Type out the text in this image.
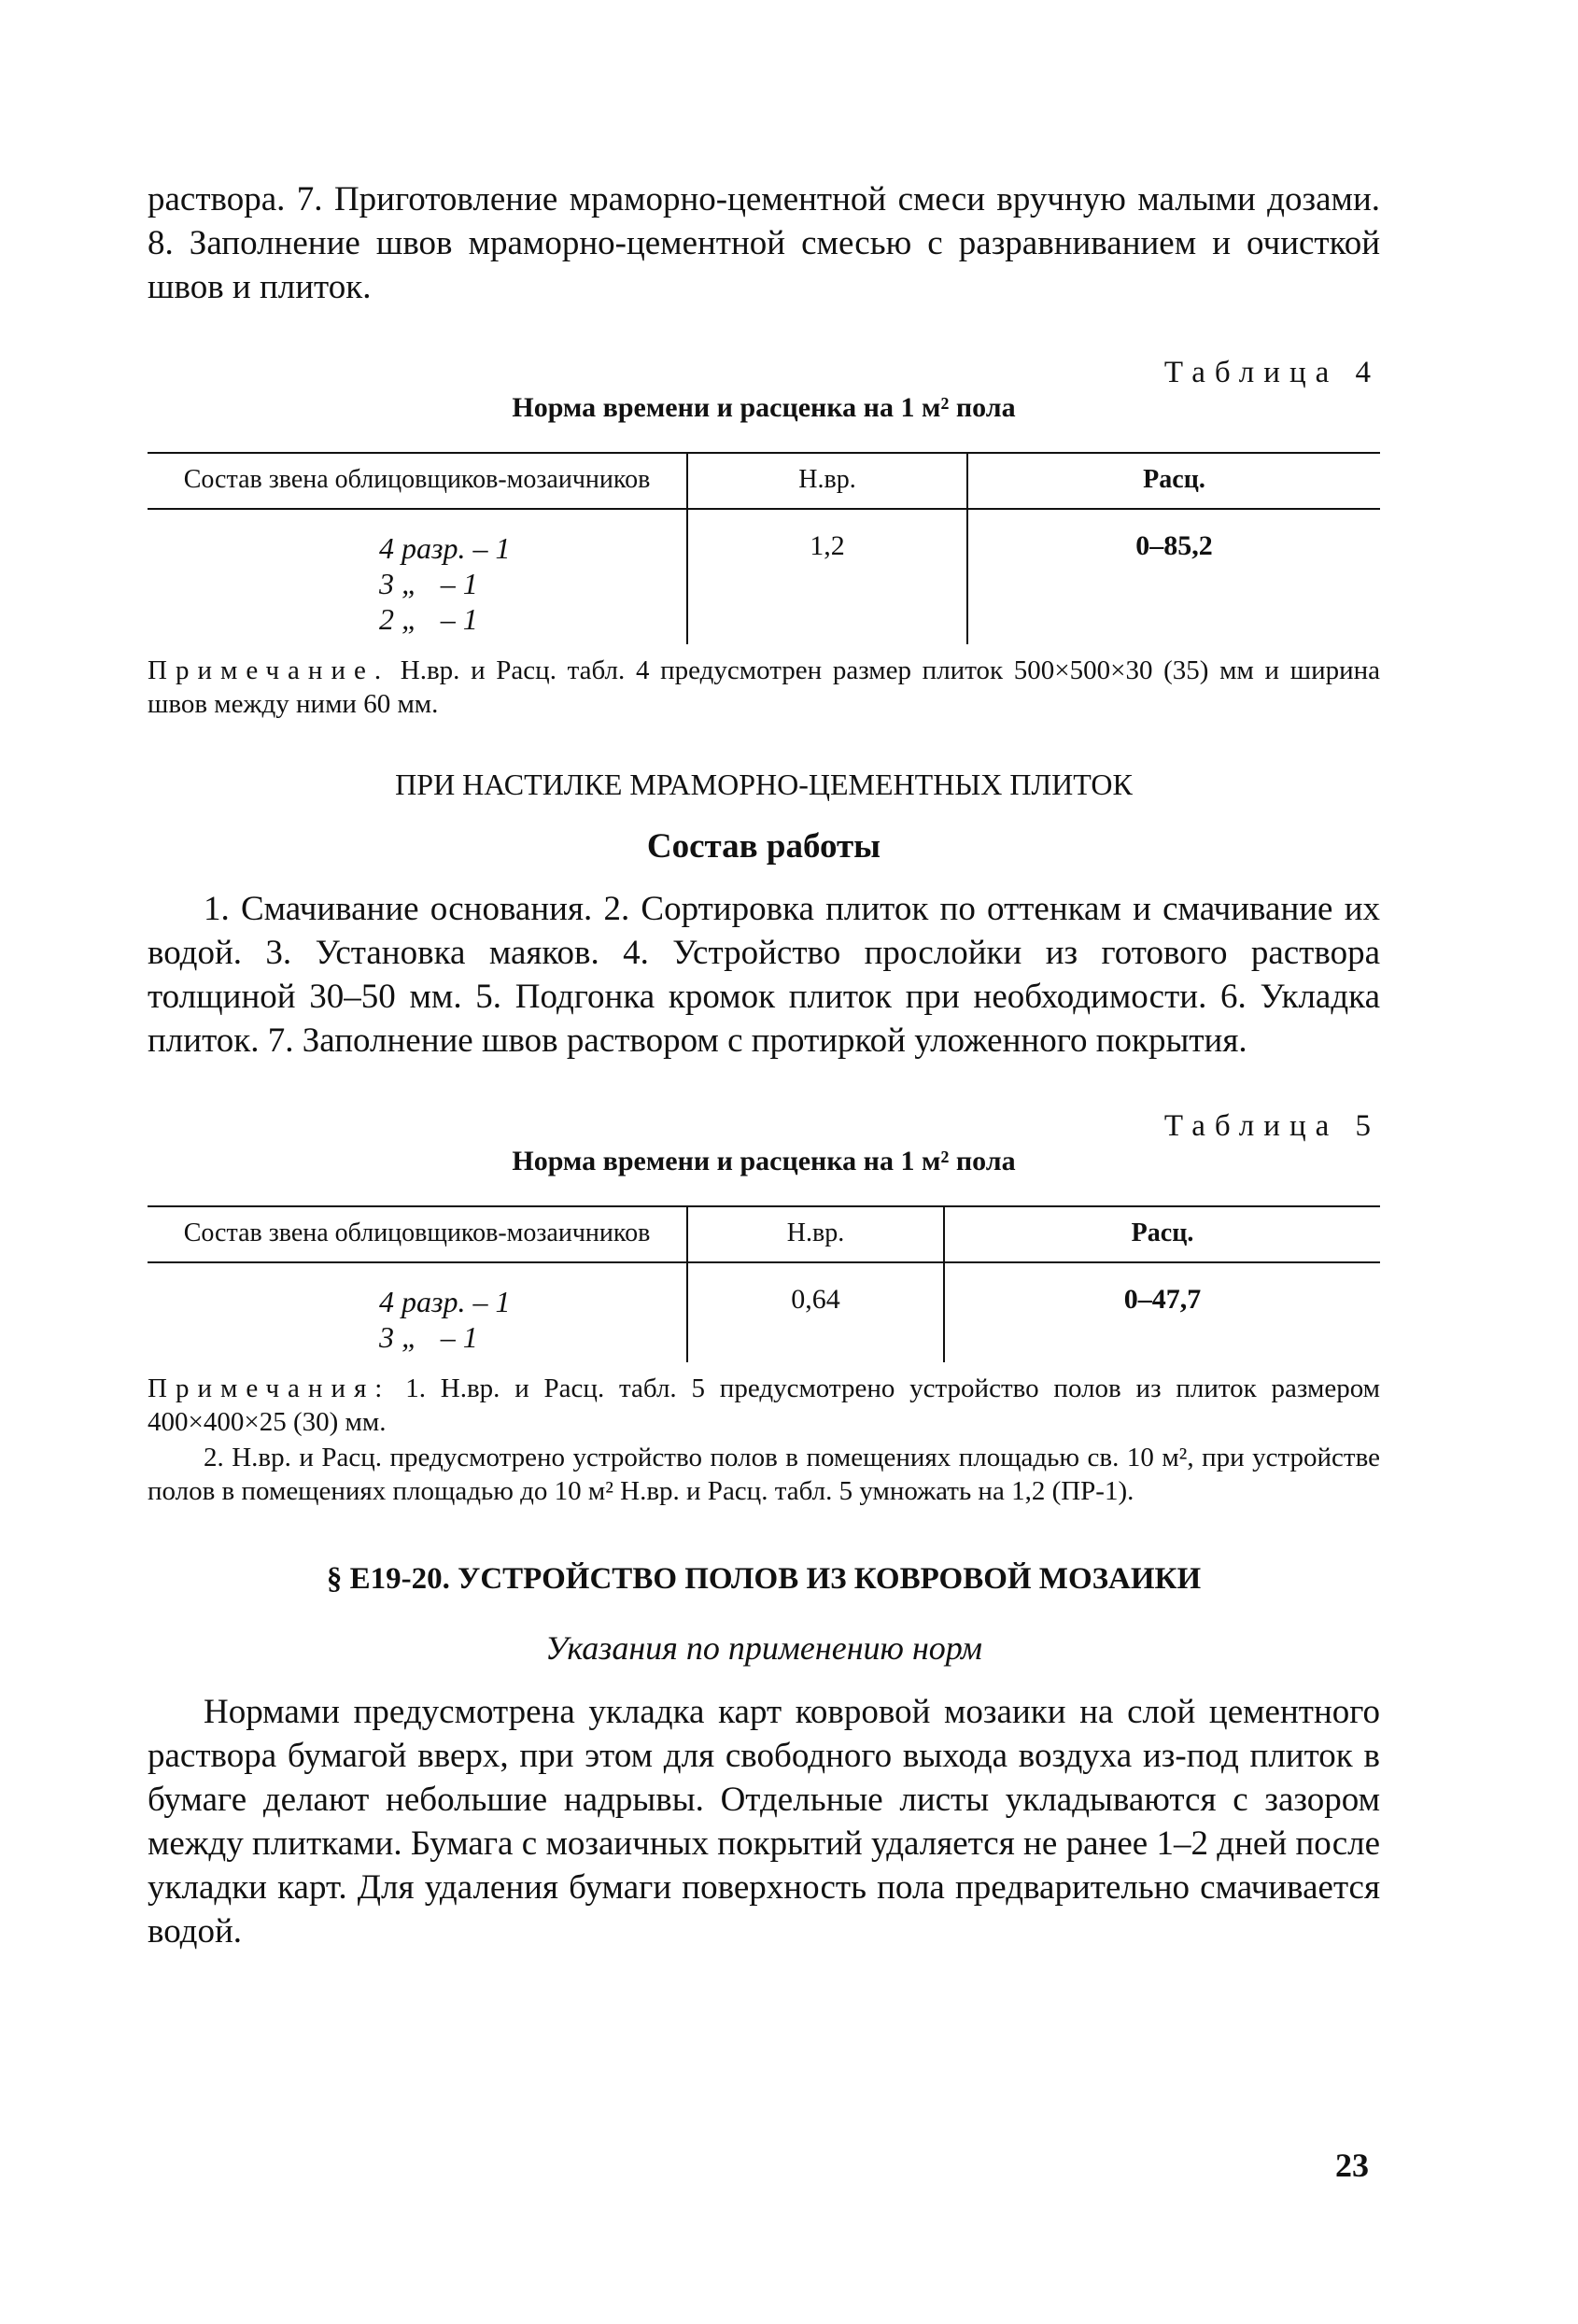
раствора. 7. Приготовление мраморно-цементной смеси вручную малыми дозами. 8. Заполнение швов мраморно-цементной смесью с разравниванием и очисткой швов и плиток.

Таблица 4
Норма времени и расценка на 1 м² пола
Состав звена облицовщиков-мозаичников	Н.вр.	Расц.

4 разр. – 1
3 „   – 1
2 „   – 1	1,2	0–85,2

Примечание. Н.вр. и Расц. табл. 4 предусмотрен размер плиток 500×500×30 (35) мм и ширина швов между ними 60 мм.

ПРИ НАСТИЛКЕ МРАМОРНО-ЦЕМЕНТНЫХ ПЛИТОК
Состав работы

1. Смачивание основания. 2. Сортировка плиток по оттенкам и смачивание их водой. 3. Установка маяков. 4. Устройство прослойки из готового раствора толщиной 30–50 мм. 5. Подгонка кромок плиток при необходимости. 6. Укладка плиток. 7. Заполнение швов раствором с протиркой уложенного покрытия.

Таблица 5
Норма времени и расценка на 1 м² пола
Состав звена облицовщиков-мозаичников	Н.вр.	Расц.

4 разр. – 1
3 „   – 1	0,64	0–47,7

Примечания: 1. Н.вр. и Расц. табл. 5 предусмотрено устройство полов из плиток размером 400×400×25 (30) мм.

2. Н.вр. и Расц. предусмотрено устройство полов в помещениях площадью св. 10 м², при устройстве полов в помещениях площадью до 10 м² Н.вр. и Расц. табл. 5 умножать на 1,2 (ПР-1).

§ Е19-20. УСТРОЙСТВО ПОЛОВ ИЗ КОВРОВОЙ МОЗАИКИ
Указания по применению норм

Нормами предусмотрена укладка карт ковровой мозаики на слой цементного раствора бумагой вверх, при этом для свободного выхода воздуха из-под плиток в бумаге делают небольшие надрывы. Отдельные листы укладываются с зазором между плитками. Бумага с мозаичных покрытий удаляется не ранее 1–2 дней после укладки карт. Для удаления бумаги поверхность пола предварительно смачивается водой.

23
